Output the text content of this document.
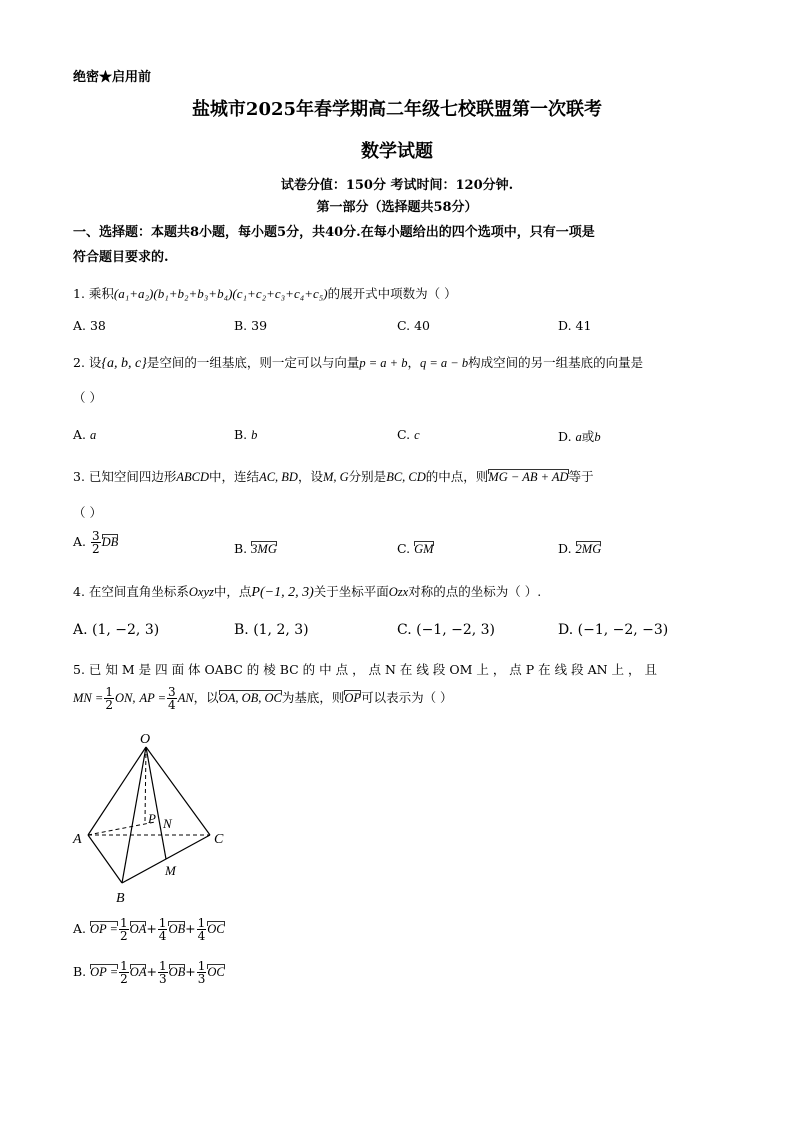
绝密★启用前
盐城市2025年春学期高二年级七校联盟第一次联考
数学试题
试卷分值：150分 考试时间：120分钟.
第一部分（选择题共58分）
一、选择题：本题共8小题，每小题5分，共40分.在每小题给出的四个选项中，只有一项是
符合题目要求的.
1. 乘积(a₁+a₂)(b₁+b₂+b₃+b₄)(c₁+c₂+c₃+c₄+c₅)的展开式中项数为（ ）
A. 38	B. 39	C. 40	D. 41
2. 设{a, b, c}是空间的一组基底，则一定可以与向量p = a + b，q = a − b构成空间的另一组基底的向量是
（ ）
A. a	B. b	C. c	D. a或b
3. 已知空间四边形ABCD中，连结AC, BD，设M, G分别是BC, CD的中点，则MG − AB + AD等于
（ ）
A. $\frac{3}{2}$ DB	B. 3MG	C. GM	D. 2MG
4. 在空间直角坐标系Oxyz中，点P(−1, 2, 3)关于坐标平面Ozx对称的点的坐标为（ ）.
A. (1, −2, 3)	B. (1, 2, 3)	C. (−1, −2, 3)	D. (−1, −2, −3)
5. 已 知 M 是 四 面 体 OABC 的 棱 BC 的 中 点 ， 点 N 在 线 段 OM 上 ， 点 P 在 线 段 AN 上 ， 且
MN = $\frac{1}{2}$ ON, AP = $\frac{3}{4}$ AN，以OA, OB, OC为基底，则OP可以表示为（ ）
O
A
B
C
P N
M
A. OP = $\frac{1}{2} OA+ \frac{1}{4} OB+ \frac{1}{4}$ OC
B. OP = $\frac{1}{2} OA+ \frac{1}{3} OB+ \frac{1}{3}$ OC
